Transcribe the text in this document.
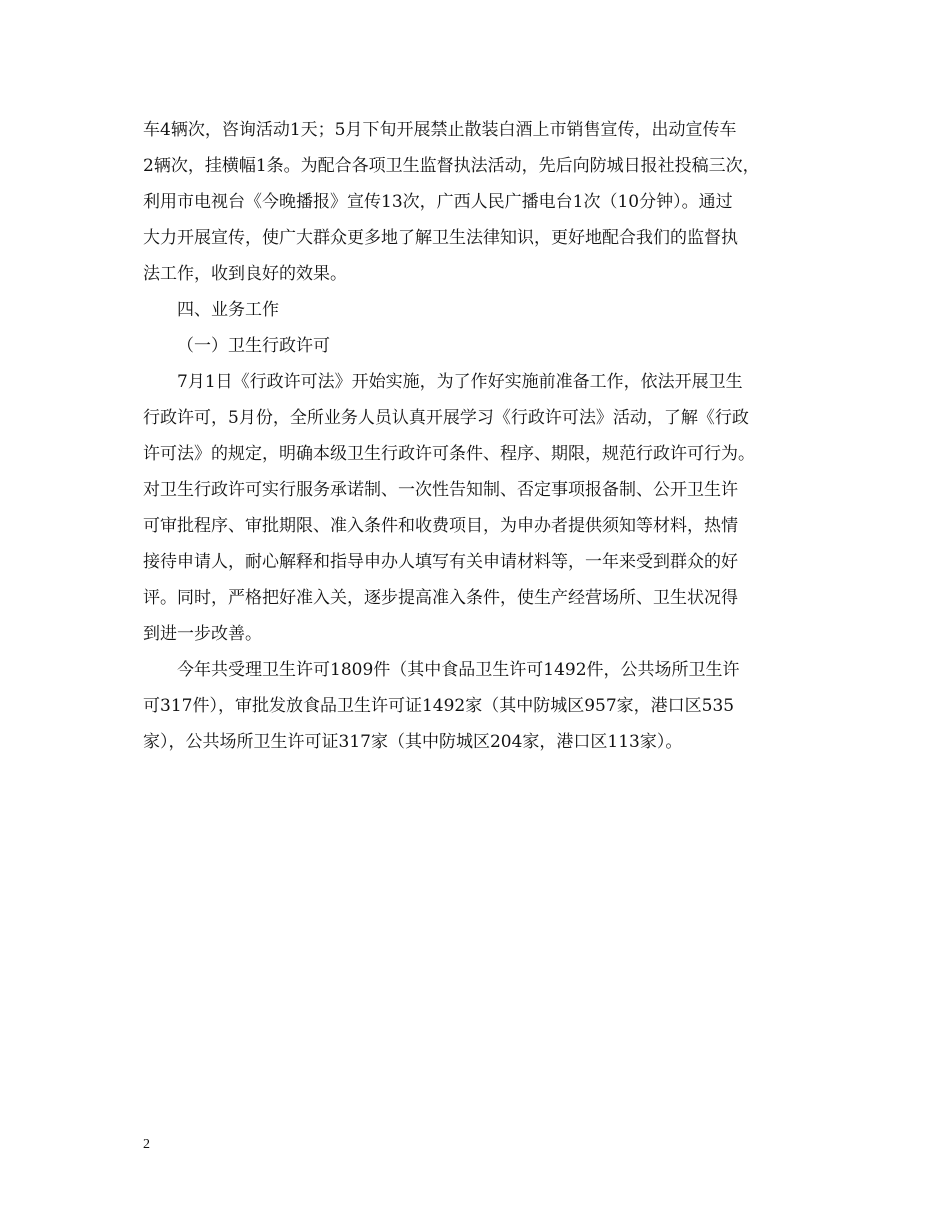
车4辆次，咨询活动1天；5月下旬开展禁止散装白酒上市销售宣传，出动宣传车
2辆次，挂横幅1条。为配合各项卫生监督执法活动，先后向防城日报社投稿三次，
利用市电视台《今晚播报》宣传13次，广西人民广播电台1次（10分钟）。通过
大力开展宣传，使广大群众更多地了解卫生法律知识，更好地配合我们的监督执
法工作，收到良好的效果。
四、业务工作
（一）卫生行政许可
7月1日《行政许可法》开始实施，为了作好实施前准备工作，依法开展卫生
行政许可，5月份，全所业务人员认真开展学习《行政许可法》活动，了解《行政
许可法》的规定，明确本级卫生行政许可条件、程序、期限，规范行政许可行为。
对卫生行政许可实行服务承诺制、一次性告知制、否定事项报备制、公开卫生许
可审批程序、审批期限、准入条件和收费项目，为申办者提供须知等材料，热情
接待申请人，耐心解释和指导申办人填写有关申请材料等，一年来受到群众的好
评。同时，严格把好准入关，逐步提高准入条件，使生产经营场所、卫生状况得
到进一步改善。
今年共受理卫生许可1809件（其中食品卫生许可1492件，公共场所卫生许
可317件），审批发放食品卫生许可证1492家（其中防城区957家，港口区535
家），公共场所卫生许可证317家（其中防城区204家，港口区113家）。
2
